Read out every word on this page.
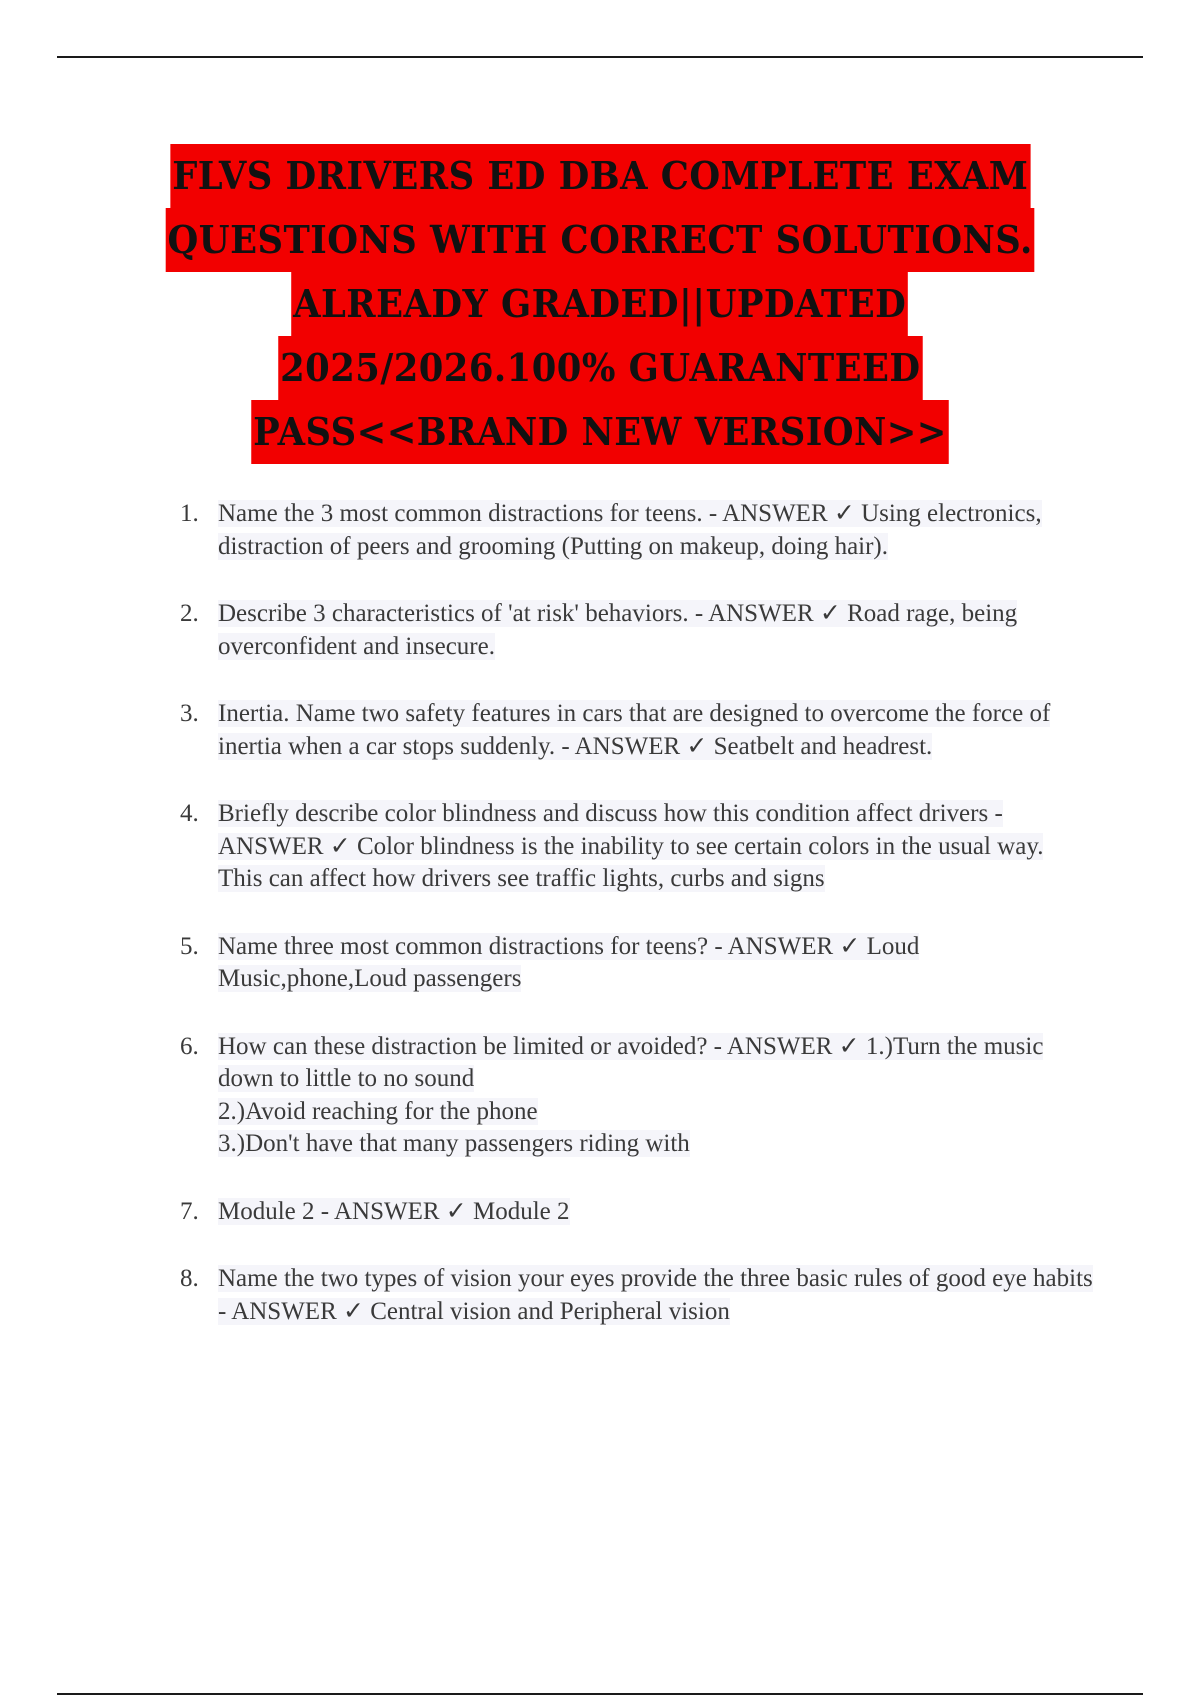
FLVS DRIVERS ED DBA COMPLETE EXAM
QUESTIONS WITH CORRECT SOLUTIONS.
ALREADY GRADED||UPDATED
2025/2026.100% GUARANTEED
PASS<<BRAND NEW VERSION>>
1. Name the 3 most common distractions for teens. - ANSWER ✓ Using electronics, distraction of peers and grooming (Putting on makeup, doing hair).
2. Describe 3 characteristics of 'at risk' behaviors. - ANSWER ✓ Road rage, being overconfident and insecure.
3. Inertia. Name two safety features in cars that are designed to overcome the force of inertia when a car stops suddenly. - ANSWER ✓ Seatbelt and headrest.
4. Briefly describe color blindness and discuss how this condition affect drivers - ANSWER ✓ Color blindness is the inability to see certain colors in the usual way.
This can affect how drivers see traffic lights, curbs and signs
5. Name three most common distractions for teens? - ANSWER ✓ Loud Music,phone,Loud passengers
6. How can these distraction be limited or avoided? - ANSWER ✓ 1.)Turn the music down to little to no sound
2.)Avoid reaching for the phone
3.)Don't have that many passengers riding with
7. Module 2 - ANSWER ✓ Module 2
8. Name the two types of vision your eyes provide the three basic rules of good eye habits - ANSWER ✓ Central vision and Peripheral vision
